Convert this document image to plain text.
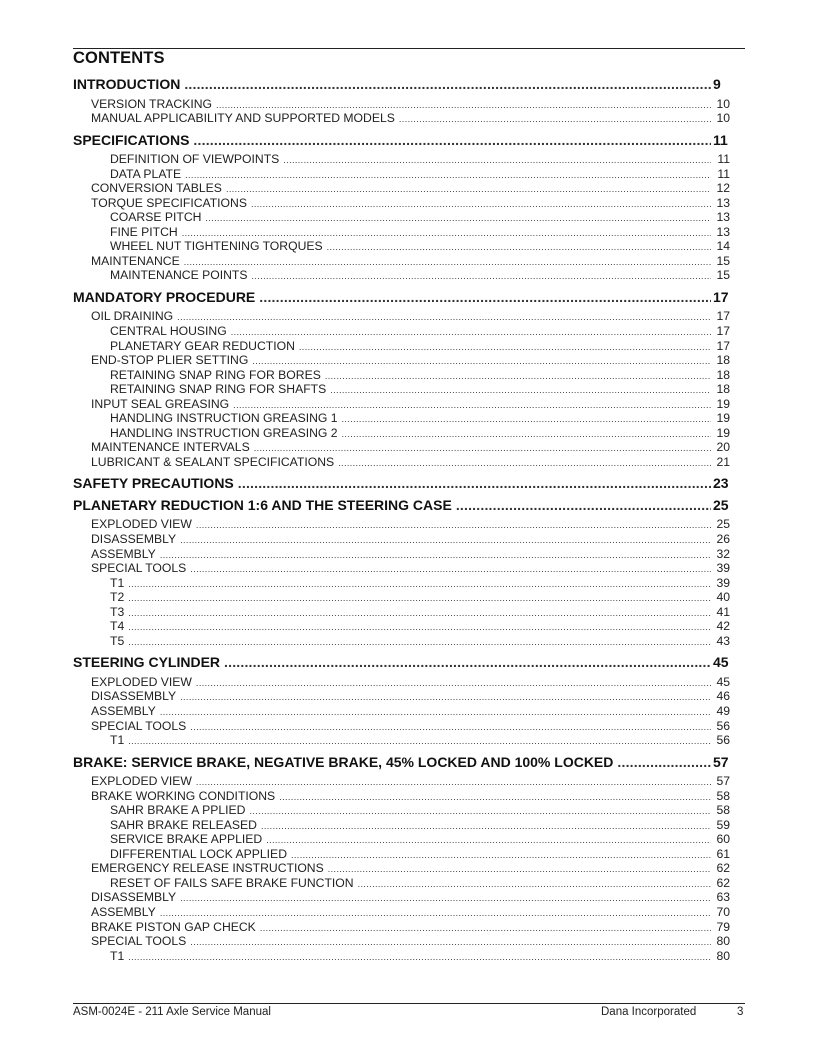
CONTENTS
INTRODUCTION .....	9
VERSION TRACKING .....	10
MANUAL APPLICABILITY AND SUPPORTED MODELS .....	10
SPECIFICATIONS .....	11
DEFINITION OF VIEWPOINTS .....	11
DATA PLATE .....	11
CONVERSION TABLES .....	12
TORQUE SPECIFICATIONS .....	13
COARSE PITCH .....	13
FINE PITCH .....	13
WHEEL NUT TIGHTENING TORQUES .....	14
MAINTENANCE .....	15
MAINTENANCE POINTS .....	15
MANDATORY PROCEDURE .....	17
OIL DRAINING .....	17
CENTRAL HOUSING .....	17
PLANETARY GEAR REDUCTION .....	17
END-STOP PLIER SETTING .....	18
RETAINING SNAP RING FOR BORES .....	18
RETAINING SNAP RING FOR SHAFTS .....	18
INPUT SEAL GREASING .....	19
HANDLING INSTRUCTION GREASING 1 .....	19
HANDLING INSTRUCTION GREASING 2 .....	19
MAINTENANCE INTERVALS .....	20
LUBRICANT & SEALANT SPECIFICATIONS .....	21
SAFETY PRECAUTIONS .....	23
PLANETARY REDUCTION 1:6 AND THE STEERING CASE .....	25
EXPLODED VIEW .....	25
DISASSEMBLY .....	26
ASSEMBLY .....	32
SPECIAL TOOLS .....	39
T1 .....	39
T2 .....	40
T3 .....	41
T4 .....	42
T5 .....	43
STEERING CYLINDER .....	45
EXPLODED VIEW .....	45
DISASSEMBLY .....	46
ASSEMBLY .....	49
SPECIAL TOOLS .....	56
T1 .....	56
BRAKE: SERVICE BRAKE, NEGATIVE BRAKE, 45% LOCKED AND 100% LOCKED .....	57
EXPLODED VIEW .....	57
BRAKE WORKING CONDITIONS .....	58
SAHR BRAKE A PPLIED .....	58
SAHR BRAKE RELEASED .....	59
SERVICE BRAKE APPLIED .....	60
DIFFERENTIAL LOCK APPLIED .....	61
EMERGENCY RELEASE INSTRUCTIONS .....	62
RESET OF FAILS SAFE BRAKE FUNCTION .....	62
DISASSEMBLY .....	63
ASSEMBLY .....	70
BRAKE PISTON GAP CHECK .....	79
SPECIAL TOOLS .....	80
T1 .....	80
ASM-0024E - 211 Axle Service Manual	Dana Incorporated	3
